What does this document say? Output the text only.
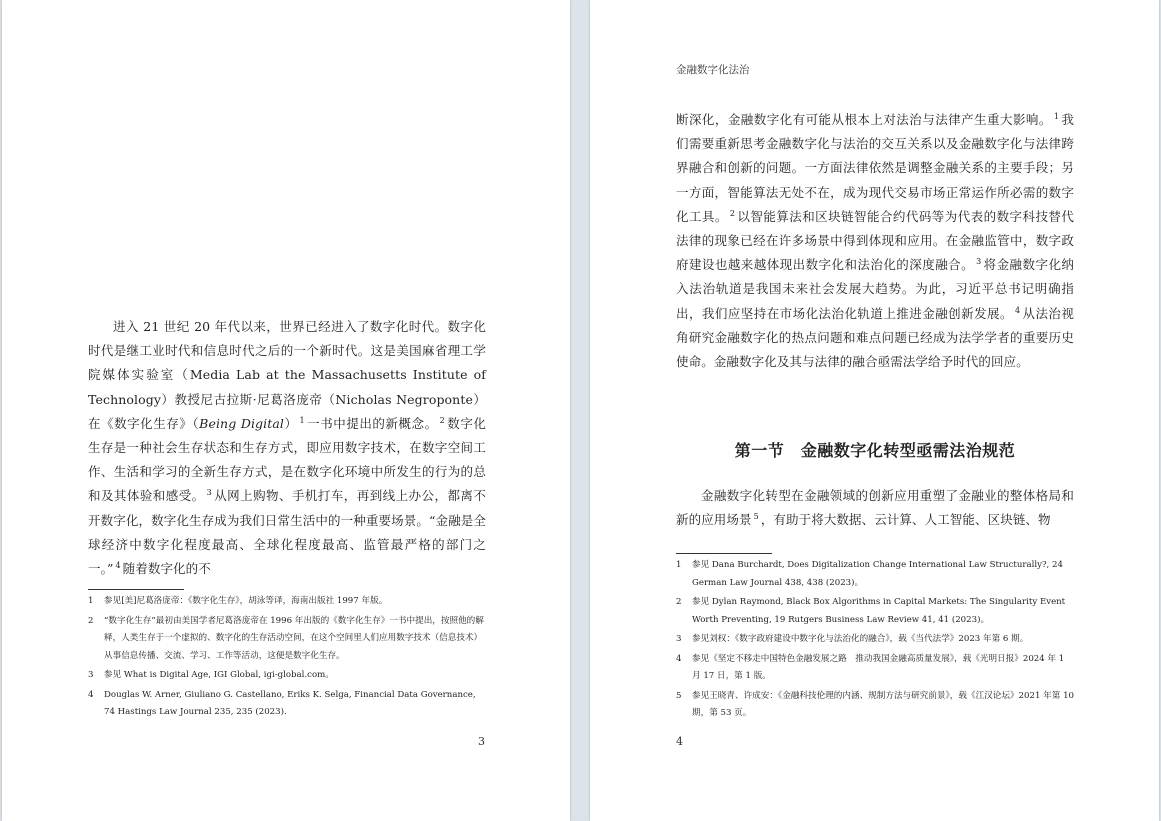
进入 21 世纪 20 年代以来，世界已经进入了数字化时代。数字化时代是继工业时代和信息时代之后的一个新时代。这是美国麻省理工学院媒体实验室（Media Lab at the Massachusetts Institute of Technology）教授尼古拉斯·尼葛洛庞帝（Nicholas Negroponte）在《数字化生存》（Being Digital） $^1$ 一书中提出的新概念。 $^2$ 数字化生存是一种社会生存状态和生存方式，即应用数字技术，在数字空间工作、生活和学习的全新生存方式，是在数字化环境中所发生的行为的总和及其体验和感受。 $^3$ 从网上购物、手机打车，再到线上办公，都离不开数字化，数字化生存成为我们日常生活中的一种重要场景。“金融是全球经济中数字化程度最高、全球化程度最高、监管最严格的部门之一。” $^4$ 随着数字化的不

1	参见[美]尼葛洛庞帝：《数字化生存》，胡泳等译，海南出版社 1997 年版。
2	“数字化生存”最初由美国学者尼葛洛庞帝在 1996 年出版的《数字化生存》一书中提出，按照他的解释，人类生存于一个虚拟的、数字化的生存活动空间，在这个空间里人们应用数字技术（信息技术）从事信息传播、交流、学习、工作等活动，这便是数字化生存。
3	参见 What is Digital Age, IGI Global, igi-global.com。
4	Douglas W. Arner, Giuliano G. Castellano, Eriks K. Selga, Financial Data Governance, 74 Hastings Law Journal 235, 235 (2023).
3
金融数字化法治

断深化，金融数字化有可能从根本上对法治与法律产生重大影响。 $^1$ 我们需要重新思考金融数字化与法治的交互关系以及金融数字化与法律跨界融合和创新的问题。一方面法律依然是调整金融关系的主要手段；另一方面，智能算法无处不在，成为现代交易市场正常运作所必需的数字化工具。 $^2$ 以智能算法和区块链智能合约代码等为代表的数字科技替代法律的现象已经在许多场景中得到体现和应用。在金融监管中，数字政府建设也越来越体现出数字化和法治化的深度融合。 $^3$ 将金融数字化纳入法治轨道是我国未来社会发展大趋势。为此，习近平总书记明确指出，我们应坚持在市场化法治化轨道上推进金融创新发展。 $^4$ 从法治视角研究金融数字化的热点问题和难点问题已经成为法学学者的重要历史使命。金融数字化及其与法律的融合亟需法学给予时代的回应。

第一节　金融数字化转型亟需法治规范

金融数字化转型在金融领域的创新应用重塑了金融业的整体格局和新的应用场景 $^5$ ，有助于将大数据、云计算、人工智能、区块链、物

1	参见 Dana Burchardt, Does Digitalization Change International Law Structurally?, 24 German Law Journal 438, 438 (2023)。
2	参见 Dylan Raymond, Black Box Algorithms in Capital Markets: The Singularity Event Worth Preventing, 19 Rutgers Business Law Review 41, 41 (2023)。
3	参见刘权：《数字政府建设中数字化与法治化的融合》，载《当代法学》2023 年第 6 期。
4	参见《坚定不移走中国特色金融发展之路　推动我国金融高质量发展》，载《光明日报》2024 年 1 月 17 日，第 1 版。
5	参见王晓青、许成安：《金融科技伦理的内涵、规制方法与研究前景》，载《江汉论坛》2021 年第 10 期，第 53 页。
4
